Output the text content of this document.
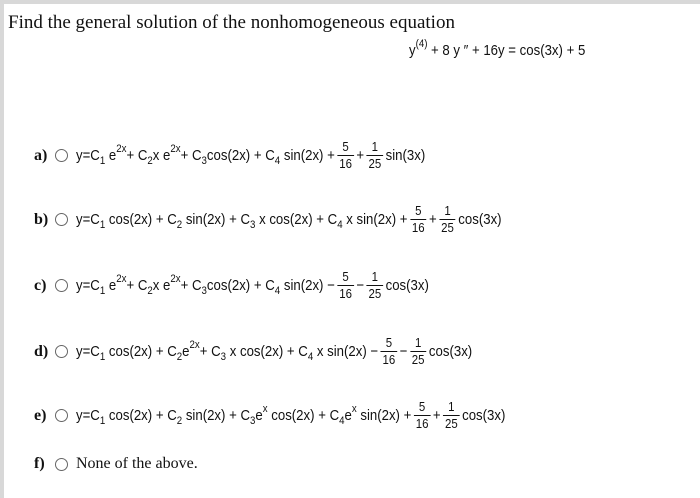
Find the general solution of the nonhomogeneous equation
y (4) + 8 y ″ + 16y = cos(3x) + 5
a)	y=C 1 e 2x + C 2 x e 2x + C 3 cos(2x) + C 4
$\sin(2x) + \frac{5}{16} + \frac{1}{25} \sin(3x)$
b) y=C 1
cos(2x) + C 2
sin(2x) + C 3
x cos(2x) + C 4
x $\sin(2x) + \frac{5}{16} + \frac{1}{25} \cos(3x)$
c)	y=C 1 e 2x + C 2 x e 2x + C 3 cos(2x) + C 4
$\sin(2x) - \frac{5}{16} - \frac{1}{25} \cos(3x)$
d) y=C 1
cos(2x) + C 2 e 2x + C 3
x cos(2x) + C 4
x $\sin(2x) - \frac{5}{16} - \frac{1}{25} \cos(3x)$
e)	y=C 1
cos(2x) + C 2
sin(2x) + C 3 e x
cos(2x) + C 4 e x
$\sin(2x) + \frac{5}{16} + \frac{1}{25} \cos(3x)$
f)	None of the above.
